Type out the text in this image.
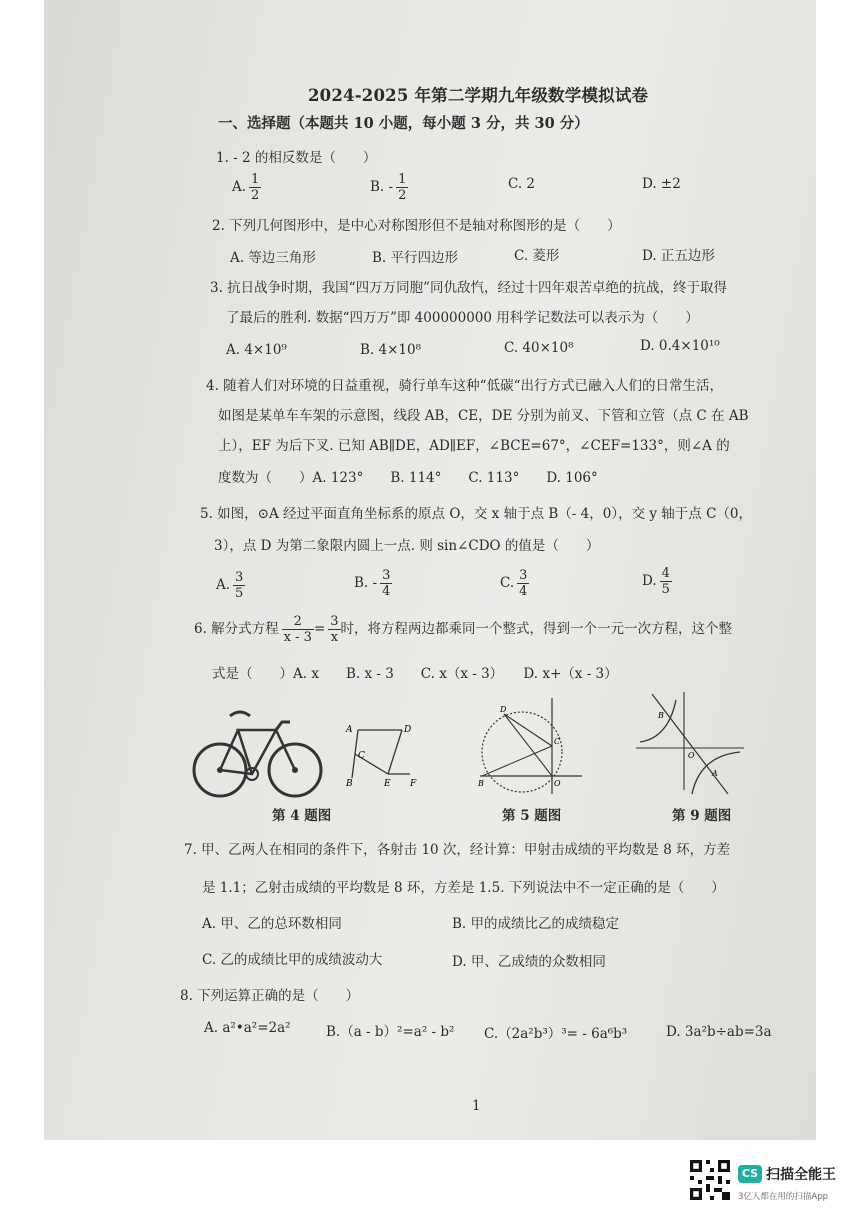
2024-2025 年第二学期九年级数学模拟试卷
一、选择题（本题共 10 小题，每小题 3 分，共 30 分）
1. - 2 的相反数是（　　）
A. $\frac{1}{2}$	B. - $\frac{1}{2}$	C. 2	D. ±2
2. 下列几何图形中，是中心对称图形但不是轴对称图形的是（　　）
A. 等边三角形	B. 平行四边形	C. 菱形	D. 正五边形
3. 抗日战争时期，我国“四万万同胞”同仇敌忾，经过十四年艰苦卓绝的抗战，终于取得
了最后的胜利. 数据“四万万”即 400000000 用科学记数法可以表示为（　　）
A. 4×10⁹	B. 4×10⁸	C. 40×10⁸	D. 0.4×10¹⁰
4. 随着人们对环境的日益重视，骑行单车这种“低碳“出行方式已融入人们的日常生活，
如图是某单车车架的示意图，线段 AB，CE，DE 分别为前叉、下管和立管（点 C 在 AB
上），EF 为后下叉. 已知 AB∥DE，AD∥EF，∠BCE=67°，∠CEF=133°，则∠A 的
度数为（　　）A. 123°　　B. 114°　　C. 113°　　D. 106°
5. 如图，⊙A 经过平面直角坐标系的原点 O，交 x 轴于点 B（- 4，0），交 y 轴于点 C（0，
3），点 D 为第二象限内圆上一点. 则 sin∠CDO 的值是（　　）
A. $\frac{3}{5}$	B. - $\frac{3}{4}$	C. $\frac{3}{4}$	D. $\frac{4}{5}$
6. 解分式方程 $\frac{2}{x - 3} = \frac{3}{x}$ 时，将方程两边都乘同一个整式，得到一个一元一次方程，这个整
式是（　　）A. x　　B. x - 3　　C. x（x - 3）　　D. x+（x - 3）
A	D
C
B	E F
第 4 题图
D
C
B	O
第 5 题图
B
A
O
第 9 题图
7. 甲、乙两人在相同的条件下，各射击 10 次，经计算：甲射击成绩的平均数是 8 环，方差
是 1.1；乙射击成绩的平均数是 8 环，方差是 1.5. 下列说法中不一定正确的是（　　）
A. 甲、乙的总环数相同	B. 甲的成绩比乙的成绩稳定
C. 乙的成绩比甲的成绩波动大	D. 甲、乙成绩的众数相同
8. 下列运算正确的是（　　）
A. a²•a²=2a²	B.（a - b）²=a² - b² C.（2a²b³）³= - 6a⁶b³	D. 3a²b÷ab=3a
1
CS 扫描全能王
3亿人都在用的扫描App
